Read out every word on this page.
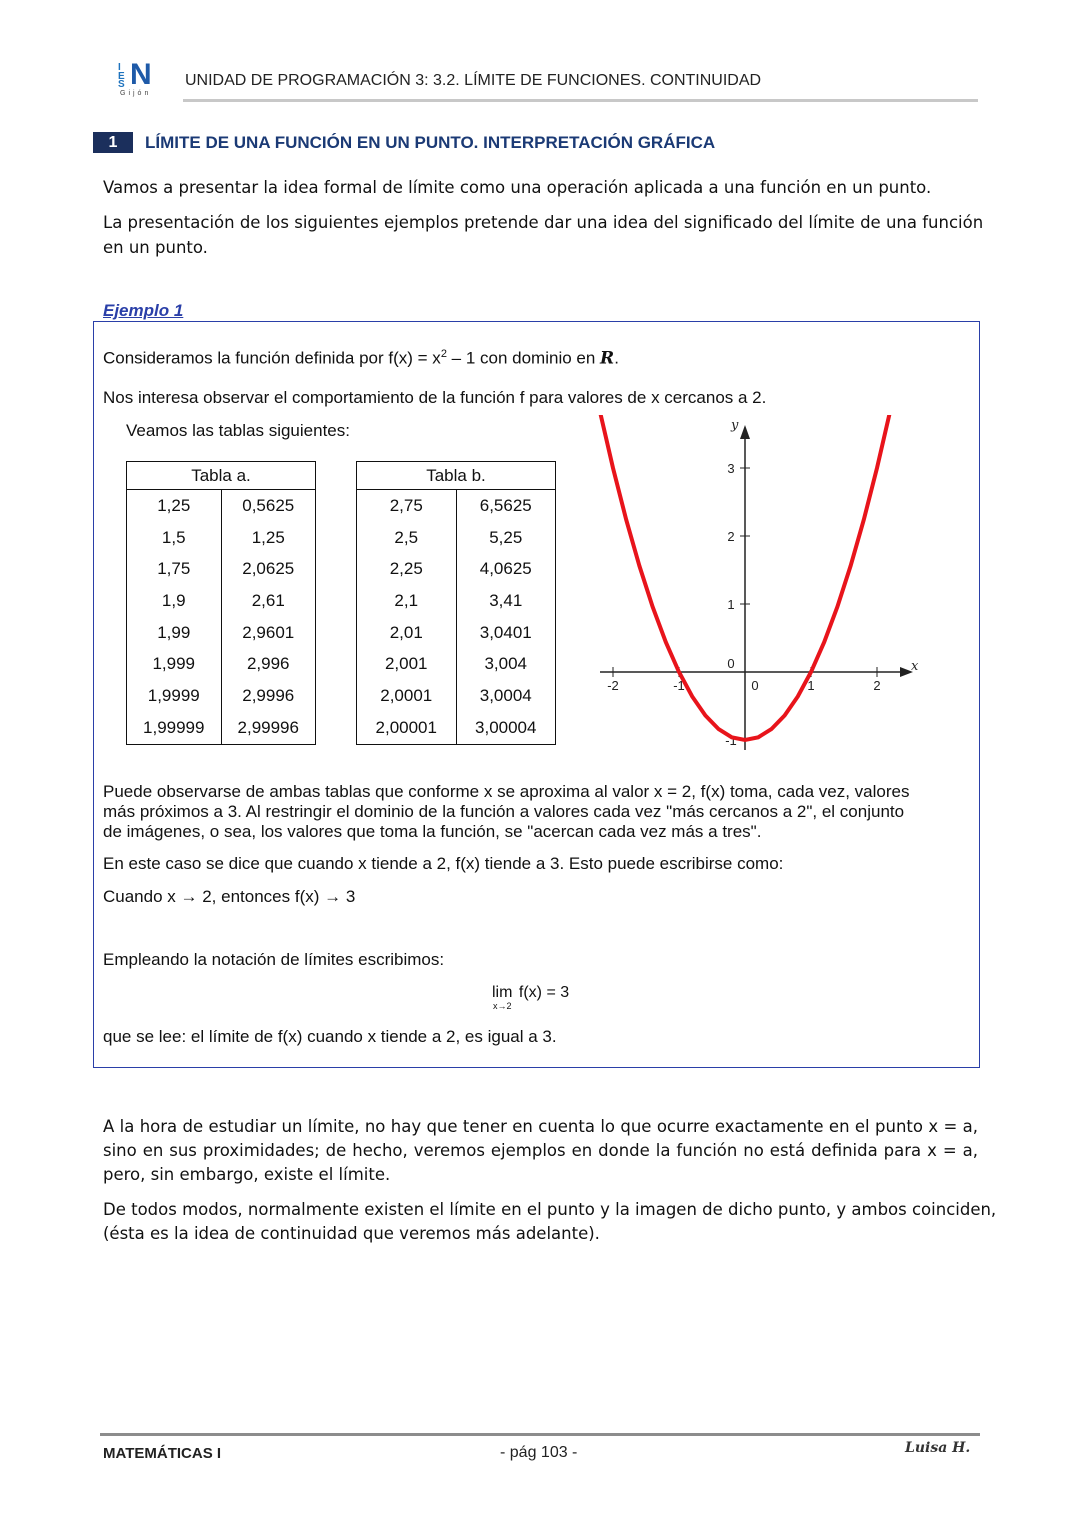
I
E
S N
Gijón
UNIDAD DE PROGRAMACIÓN 3: 3.2. LÍMITE DE FUNCIONES. CONTINUIDAD
1	LÍMITE DE UNA FUNCIÓN EN UN PUNTO. INTERPRETACIÓN GRÁFICA
Vamos a presentar la idea formal de límite como una operación aplicada a una función en un punto.
La presentación de los siguientes ejemplos pretende dar una idea del significado del límite de una función
en un punto.
Ejemplo 1
Consideramos la función definida por $f(x) = x^2 - 1$ con dominio en R.
Nos interesa observar el comportamiento de la función f para valores de x cercanos a 2.
Veamos las tablas siguientes:
Tabla a.	
1,25	0,5625
1,5	1,25
1,75	2,0625
1,9	2,61
1,99	2,9601
1,999	2,996
1,9999	2,9996
1,99999	2,99996
Tabla b.	
2,75	6,5625
2,5	5,25
2,25	4,0625
2,1	3,41
2,01	3,0401
2,001	3,004
2,0001	3,0004
2,00001	3,00004
x
y
-2	-1	0	1	2
-1
0
1
2
3
Puede observarse de ambas tablas que conforme x se aproxima al valor x = 2, f(x) toma, cada vez, valores
más próximos a 3. Al restringir el dominio de la función a valores cada vez "más cercanos a 2", el conjunto
de imágenes, o sea, los valores que toma la función, se "acercan cada vez más a tres".
En este caso se dice que cuando x tiende a 2, f(x) tiende a 3. Esto puede escribirse como:
Cuando x → 2, entonces f(x) → 3
Empleando la notación de límites escribimos:
lim
x→2
f(x) = 3
que se lee: el límite de f(x) cuando x tiende a 2, es igual a 3.
A la hora de estudiar un límite, no hay que tener en cuenta lo que ocurre exactamente en el punto x = a,
sino en sus proximidades; de hecho, veremos ejemplos en donde la función no está definida para x = a,
pero, sin embargo, existe el límite.
De todos modos, normalmente existen el límite en el punto y la imagen de dicho punto, y ambos coinciden,
(ésta es la idea de continuidad que veremos más adelante).
MATEMÁTICAS I	- pág 103 -	Luisa H.
